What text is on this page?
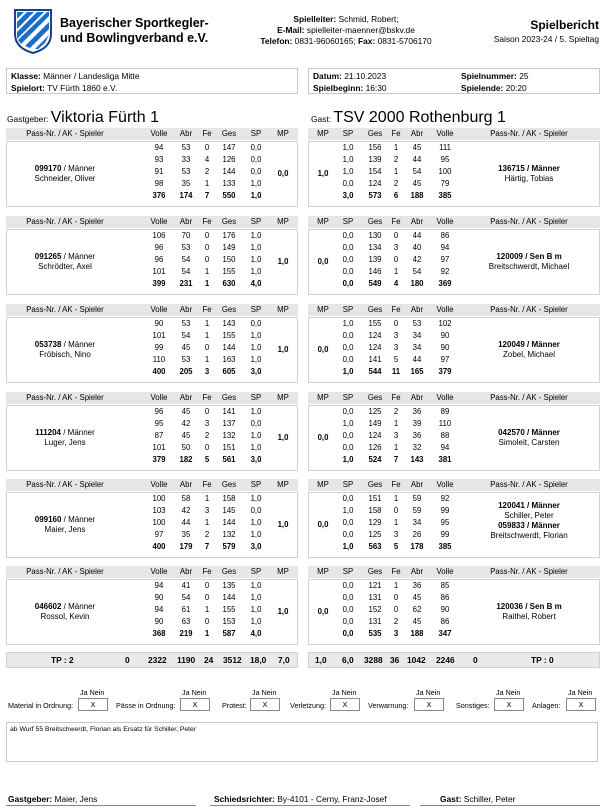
Bayerischer Sportkegler-
und Bowlingverband e.V.
Spielleiter: Schmid, Robert;
E-Mail: spielleiter-maenner@bskv.de
Telefon: 0831-96060165; Fax: 0831-5706170
Spielbericht
Saison 2023-24 / 5. Spieltag
Klasse: Männer / Landesliga Mitte
Spielort: TV Fürth 1860 e.V.
Datum: 21.10.2023
Spielbeginn: 16:30
Spielnummer: 25
Spielende: 20:20
Gastgeber: Viktoria Fürth 1	Gast: TSV 2000 Rothenburg 1
Pass-Nr. / AK - Spieler	Volle	Abr	Fe	Ges	SP	MP
099170 / Männer
Schneider, Oliver
94	53	0	147	0,0
93	33	4	126	0,0
91	53	2	144	0,0
98	35	1	133	1,0
376	174	7	550	1,0
0,0
MP	SP	Ges	Fe	Abr	Volle	Pass-Nr. / AK - Spieler
1,0
1,0	156	1	45	111
1,0	139	2	44	95
1,0	154	1	54	100
0,0	124	2	45	79
3,0	573	6	188	385
136715 / Männer
Härtig, Tobias
Pass-Nr. / AK - Spieler	Volle	Abr	Fe	Ges	SP	MP
091265 / Männer
Schrödter, Axel
106	70	0	176	1,0
96	53	0	149	1,0
96	54	0	150	1,0
101	54	1	155	1,0
399	231	1	630	4,0
1,0
MP	SP	Ges	Fe	Abr	Volle	Pass-Nr. / AK - Spieler
0,0
0,0	130	0	44	86
0,0	134	3	40	94
0,0	139	0	42	97
0,0	146	1	54	92
0,0	549	4	180	369
120009 / Sen B m
Breitschwerdt, Michael
Pass-Nr. / AK - Spieler	Volle	Abr	Fe	Ges	SP	MP
053738 / Männer
Fröbisch, Nino
90	53	1	143	0,0
101	54	1	155	1,0
99	45	0	144	1,0
110	53	1	163	1,0
400	205	3	605	3,0
1,0
MP	SP	Ges	Fe	Abr	Volle	Pass-Nr. / AK - Spieler
0,0
1,0	155	0	53	102
0,0	124	3	34	90
0,0	124	3	34	90
0,0	141	5	44	97
1,0	544	11	165	379
120049 / Männer
Zobel, Michael
Pass-Nr. / AK - Spieler	Volle	Abr	Fe	Ges	SP	MP
111204 / Männer
Luger, Jens
96	45	0	141	1,0
95	42	3	137	0,0
87	45	2	132	1,0
101	50	0	151	1,0
379	182	5	561	3,0
1,0
MP	SP	Ges	Fe	Abr	Volle	Pass-Nr. / AK - Spieler
0,0
0,0	125	2	36	89
1,0	149	1	39	110
0,0	124	3	36	88
0,0	126	1	32	94
1,0	524	7	143	381
042570 / Männer
Simoleit, Carsten
Pass-Nr. / AK - Spieler	Volle	Abr	Fe	Ges	SP	MP
099160 / Männer
Maier, Jens
100	58	1	158	1,0
103	42	3	145	0,0
100	44	1	144	1,0
97	35	2	132	1,0
400	179	7	579	3,0
1,0
MP	SP	Ges	Fe	Abr	Volle	Pass-Nr. / AK - Spieler
0,0
0,0	151	1	59	92
1,0	158	0	59	99
0,0	129	1	34	95
0,0	125	3	26	99
1,0	563	5	178	385
120041 / Männer
Schiller, Peter
059833 / Männer
Breitschwerdt, Florian
Pass-Nr. / AK - Spieler	Volle	Abr	Fe	Ges	SP	MP
046602 / Männer
Rossol, Kevin
94	41	0	135	1,0
90	54	0	144	1,0
94	61	1	155	1,0
90	63	0	153	1,0
368	219	1	587	4,0
1,0
MP	SP	Ges	Fe	Abr	Volle	Pass-Nr. / AK - Spieler
0,0
0,0	121	1	36	85
0,0	131	0	45	86
0,0	152	0	62	90
0,0	131	2	45	86
0,0	535	3	188	347
120036 / Sen B m
Raithel, Robert
TP : 2	0 2322 1190 24 3512 18,0 7,0	1,0 6,0 3288 36 1042 2246 0	TP : 0
Ja Nein
Material in Ordnung:	X
Ja Nein
Pässe in Ordnung:	X
Ja Nein
Protest:	X
Ja Nein
Verletzung:	X
Ja Nein
Verwarnung:	X
Ja Nein
Sonstiges:	X
Ja Nein
Anlagen:	X
ab Wurf 55 Breitschwerdt, Florian als Ersatz für Schiller, Peter
Gastgeber: Maier, Jens	Schiedsrichter: By-4101 - Cerny, Franz-Josef	Gast: Schiller, Peter
